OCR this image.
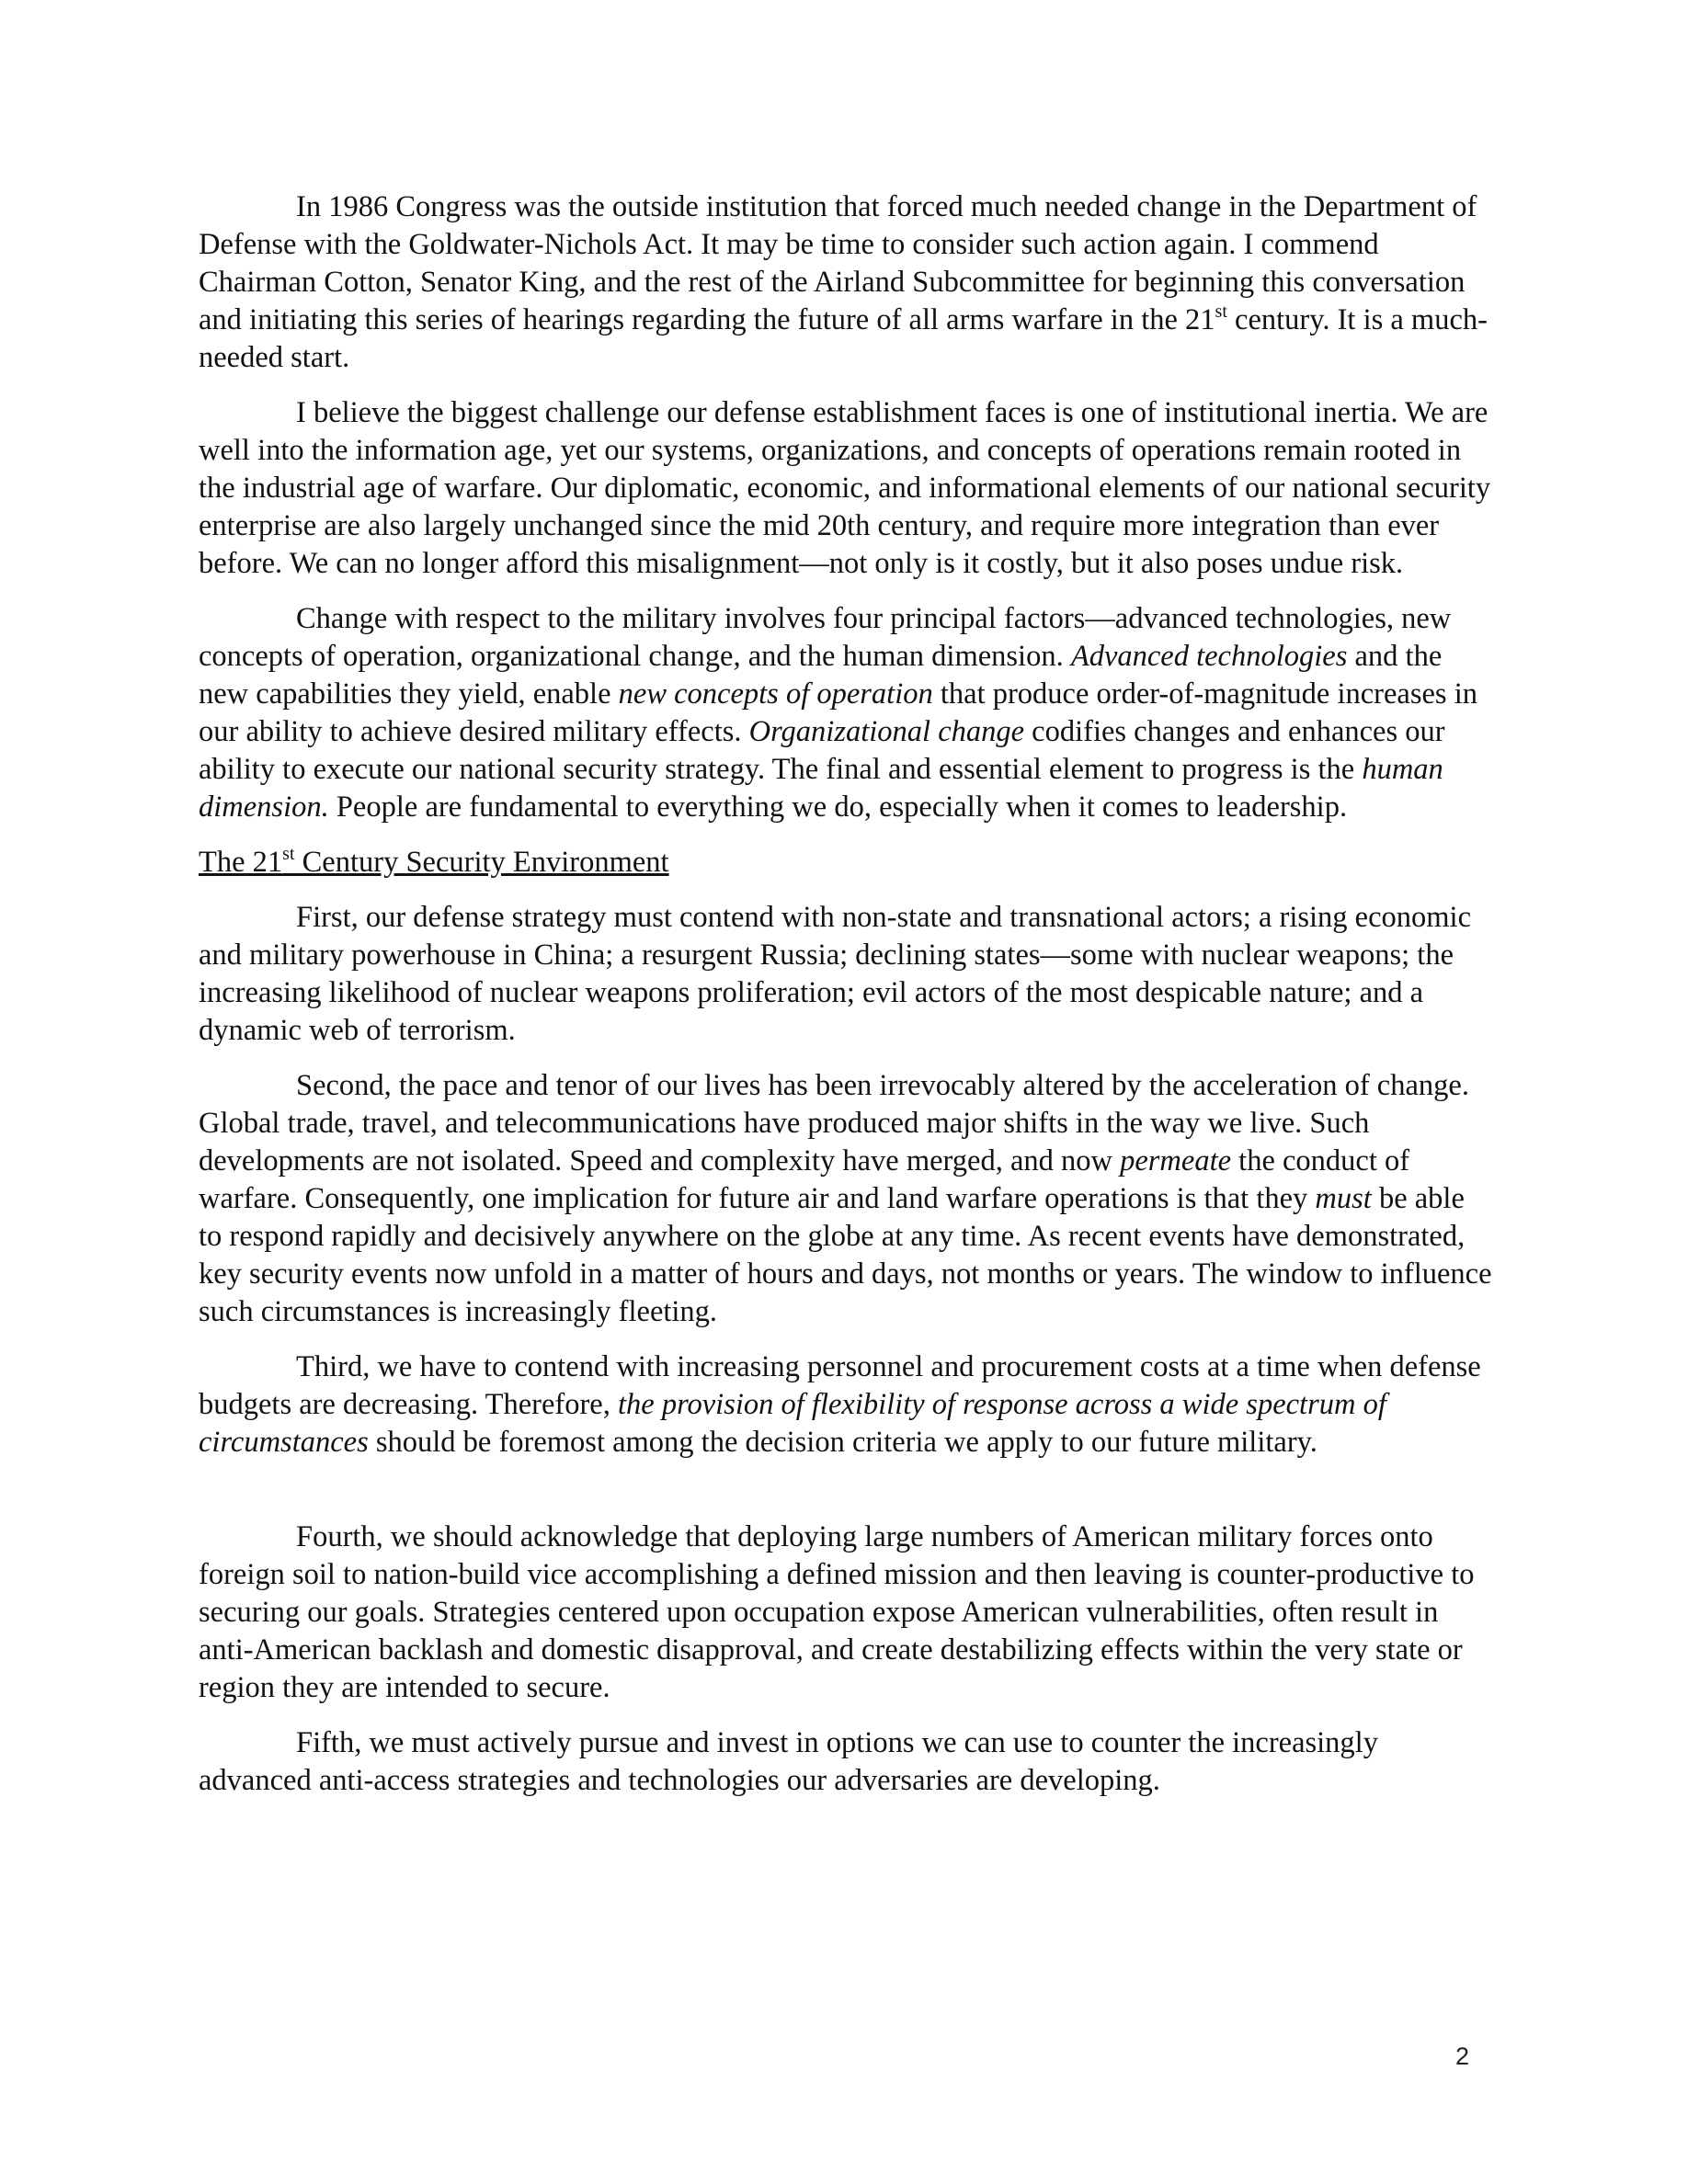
In 1986 Congress was the outside institution that forced much needed change in the Department of Defense with the Goldwater-Nichols Act. It may be time to consider such action again. I commend Chairman Cotton, Senator King, and the rest of the Airland Subcommittee for beginning this conversation and initiating this series of hearings regarding the future of all arms warfare in the 21st century. It is a much-needed start.

I believe the biggest challenge our defense establishment faces is one of institutional inertia. We are well into the information age, yet our systems, organizations, and concepts of operations remain rooted in the industrial age of warfare. Our diplomatic, economic, and informational elements of our national security enterprise are also largely unchanged since the mid 20th century, and require more integration than ever before. We can no longer afford this misalignment—not only is it costly, but it also poses undue risk.

Change with respect to the military involves four principal factors—advanced technologies, new concepts of operation, organizational change, and the human dimension. Advanced technologies and the new capabilities they yield, enable new concepts of operation that produce order-of-magnitude increases in our ability to achieve desired military effects. Organizational change codifies changes and enhances our ability to execute our national security strategy. The final and essential element to progress is the human dimension. People are fundamental to everything we do, especially when it comes to leadership.

The 21st Century Security Environment

First, our defense strategy must contend with non-state and transnational actors; a rising economic and military powerhouse in China; a resurgent Russia; declining states—some with nuclear weapons; the increasing likelihood of nuclear weapons proliferation; evil actors of the most despicable nature; and a dynamic web of terrorism.

Second, the pace and tenor of our lives has been irrevocably altered by the acceleration of change. Global trade, travel, and telecommunications have produced major shifts in the way we live. Such developments are not isolated. Speed and complexity have merged, and now permeate the conduct of warfare. Consequently, one implication for future air and land warfare operations is that they must be able to respond rapidly and decisively anywhere on the globe at any time. As recent events have demonstrated, key security events now unfold in a matter of hours and days, not months or years. The window to influence such circumstances is increasingly fleeting.

Third, we have to contend with increasing personnel and procurement costs at a time when defense budgets are decreasing. Therefore, the provision of flexibility of response across a wide spectrum of circumstances should be foremost among the decision criteria we apply to our future military.

Fourth, we should acknowledge that deploying large numbers of American military forces onto foreign soil to nation-build vice accomplishing a defined mission and then leaving is counter-productive to securing our goals. Strategies centered upon occupation expose American vulnerabilities, often result in anti-American backlash and domestic disapproval, and create destabilizing effects within the very state or region they are intended to secure.

Fifth, we must actively pursue and invest in options we can use to counter the increasingly advanced anti-access strategies and technologies our adversaries are developing.

2
